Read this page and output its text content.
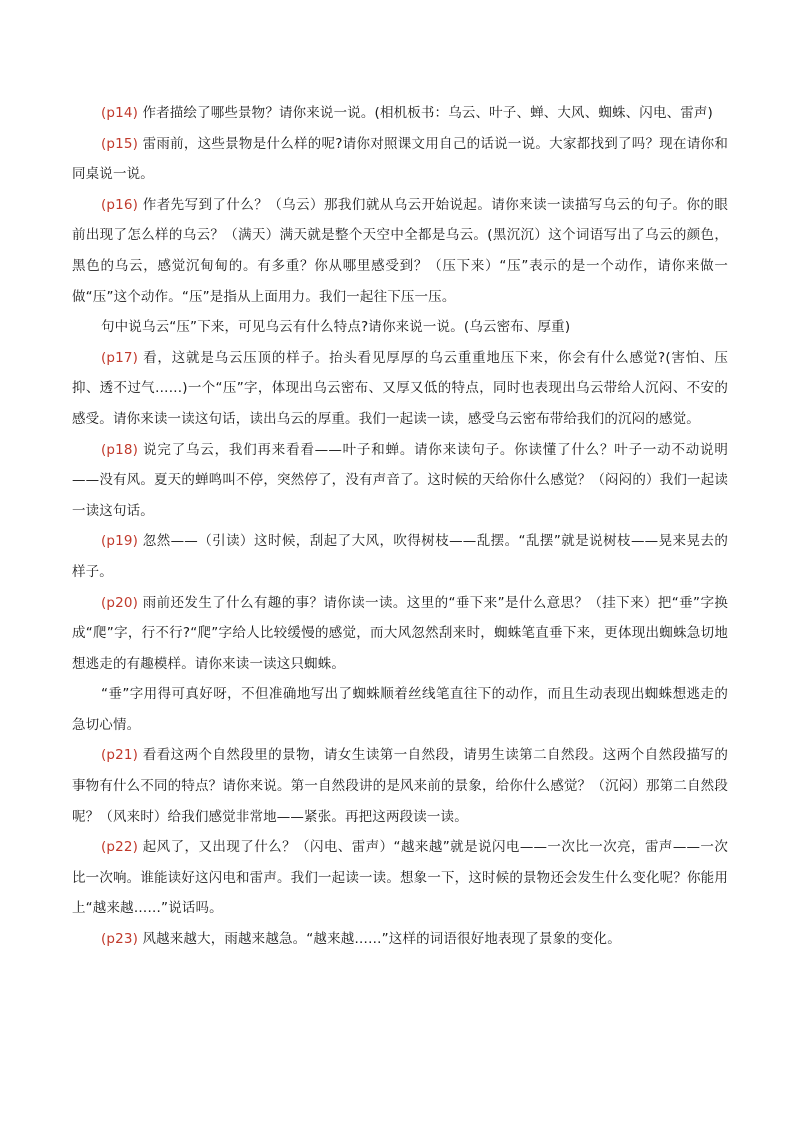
(p14) 作者描绘了哪些景物？请你来说一说。(相机板书：乌云、叶子、蝉、大风、蜘蛛、闪电、雷声)

(p15) 雷雨前，这些景物是什么样的呢?请你对照课文用自己的话说一说。大家都找到了吗？现在请你和同桌说一说。

(p16) 作者先写到了什么？（乌云）那我们就从乌云开始说起。请你来读一读描写乌云的句子。你的眼前出现了怎么样的乌云？（满天）满天就是整个天空中全都是乌云。(黑沉沉）这个词语写出了乌云的颜色，黑色的乌云，感觉沉甸甸的。有多重？你从哪里感受到？（压下来）“压”表示的是一个动作，请你来做一做“压”这个动作。“压”是指从上面用力。我们一起往下压一压。

句中说乌云“压”下来，可见乌云有什么特点?请你来说一说。(乌云密布、厚重)

(p17) 看，这就是乌云压顶的样子。抬头看见厚厚的乌云重重地压下来，你会有什么感觉?(害怕、压抑、透不过气……)一个“压”字，体现出乌云密布、又厚又低的特点，同时也表现出乌云带给人沉闷、不安的感受。请你来读一读这句话，读出乌云的厚重。我们一起读一读，感受乌云密布带给我们的沉闷的感觉。

(p18) 说完了乌云，我们再来看看——叶子和蝉。请你来读句子。你读懂了什么？叶子一动不动说明——没有风。夏天的蝉鸣叫不停，突然停了，没有声音了。这时候的天给你什么感觉？（闷闷的）我们一起读一读这句话。

(p19) 忽然——（引读）这时候，刮起了大风，吹得树枝——乱摆。“乱摆”就是说树枝——晃来晃去的样子。

(p20) 雨前还发生了什么有趣的事？请你读一读。这里的“垂下来”是什么意思？（挂下来）把“垂”字换成“爬”字，行不行?“爬”字给人比较缓慢的感觉，而大风忽然刮来时，蜘蛛笔直垂下来，更体现出蜘蛛急切地想逃走的有趣模样。请你来读一读这只蜘蛛。

“垂”字用得可真好呀，不但准确地写出了蜘蛛顺着丝线笔直往下的动作，而且生动表现出蜘蛛想逃走的急切心情。

(p21) 看看这两个自然段里的景物，请女生读第一自然段，请男生读第二自然段。这两个自然段描写的事物有什么不同的特点？请你来说。第一自然段讲的是风来前的景象，给你什么感觉？（沉闷）那第二自然段呢？（风来时）给我们感觉非常地——紧张。再把这两段读一读。

(p22) 起风了，又出现了什么？（闪电、雷声）“越来越”就是说闪电——一次比一次亮，雷声——一次比一次响。谁能读好这闪电和雷声。我们一起读一读。想象一下，这时候的景物还会发生什么变化呢？你能用上“越来越……”说话吗。

(p23) 风越来越大，雨越来越急。“越来越……”这样的词语很好地表现了景象的变化。
